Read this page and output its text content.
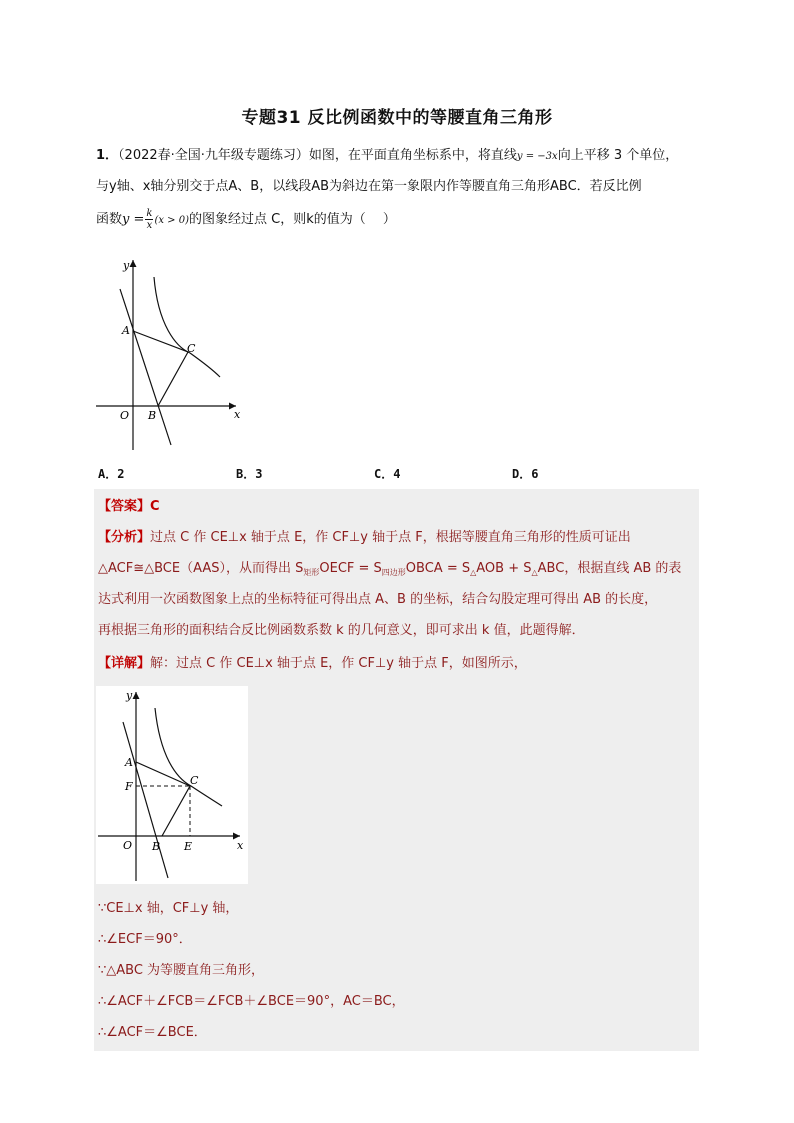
专题31 反比例函数中的等腰直角三角形
1．（2022春·全国·九年级专题练习）如图，在平面直角坐标系中，将直线y = −3x向上平移 3 个单位，
与y轴、x轴分别交于点A、B，以线段AB为斜边在第一象限内作等腰直角三角形ABC．若反比例
函数$y = \frac{k}{x} (x > 0)$的图象经过点 C，则k的值为（　 ）
y
x
A
C
O B
A．2	B．3	C．4	D．6
【答案】C
【分析】过点 C 作 CE⊥x 轴于点 E，作 CF⊥y 轴于点 F，根据等腰直角三角形的性质可证出
△ACF≅△BCE（AAS），从而得出 $S_{矩形}OECF$ = $S_{四边形}OBCA = S_\triangle AOB + S_\triangle ABC$，根据直线 AB 的表
达式利用一次函数图象上点的坐标特征可得出点 A、B 的坐标，结合勾股定理可得出 AB 的长度，
再根据三角形的面积结合反比例函数系数 k 的几何意义，即可求出 k 值，此题得解．
【详解】解：过点 C 作 CE⊥x 轴于点 E，作 CF⊥y 轴于点 F，如图所示，
y
x
A
F	C
O B E
∵CE⊥x 轴，CF⊥y 轴，
∴∠ECF＝90°．
∵△ABC 为等腰直角三角形，
∴∠ACF＋∠FCB＝∠FCB＋∠BCE＝90°，AC＝BC，
∴∠ACF＝∠BCE．
